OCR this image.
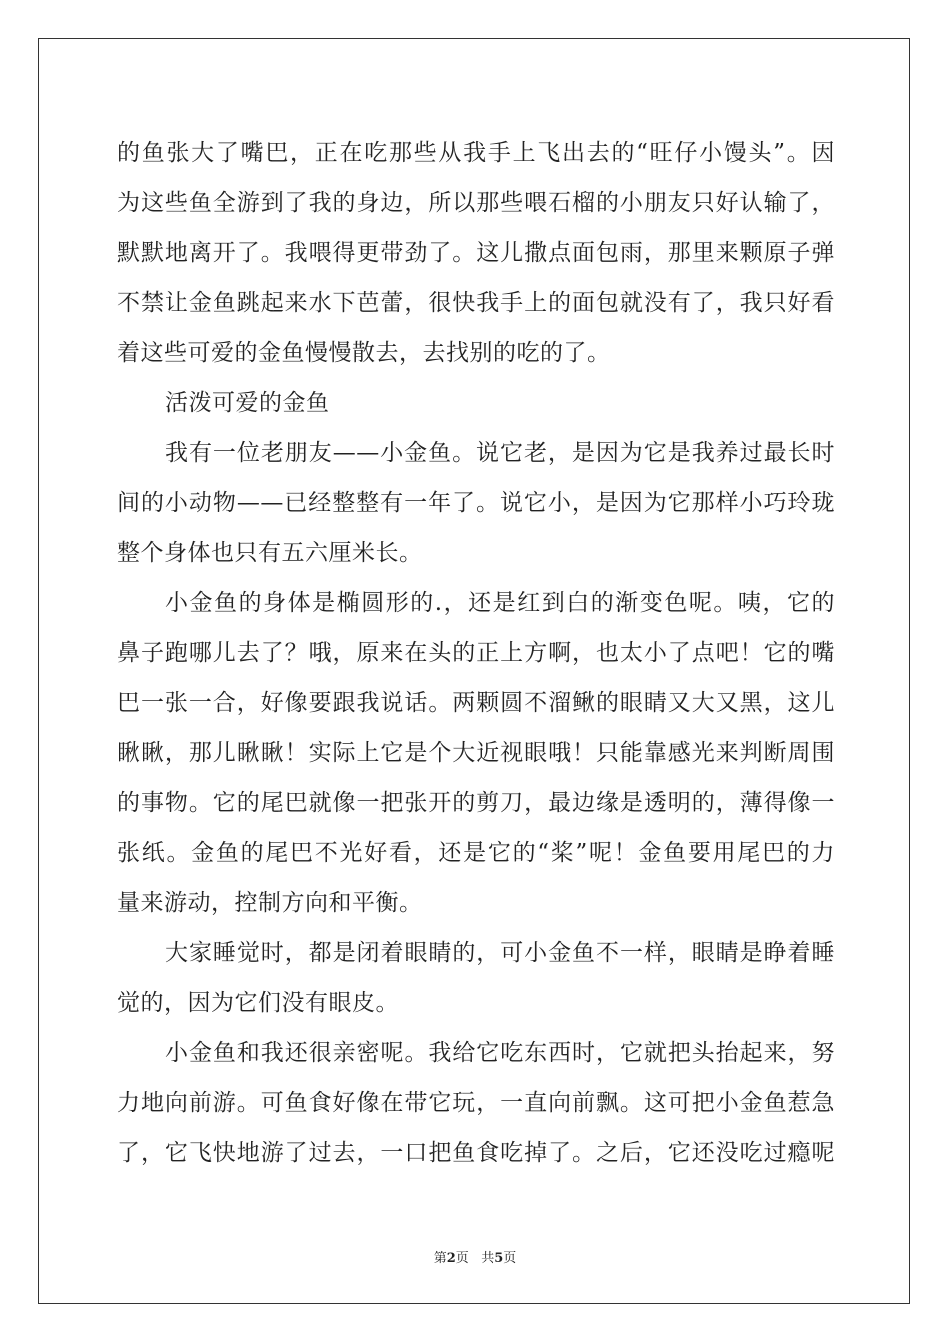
的鱼张大了嘴巴，正在吃那些从我手上飞出去的“旺仔小馒头”。因
为这些鱼全游到了我的身边，所以那些喂石榴的小朋友只好认输了，
默默地离开了。我喂得更带劲了。这儿撒点面包雨，那里来颗原子弹
不禁让金鱼跳起来水下芭蕾，很快我手上的面包就没有了，我只好看
着这些可爱的金鱼慢慢散去，去找别的吃的了。
活泼可爱的金鱼
我有一位老朋友——小金鱼。说它老，是因为它是我养过最长时
间的小动物——已经整整有一年了。说它小，是因为它那样小巧玲珑
整个身体也只有五六厘米长。
小金鱼的身体是椭圆形的.，还是红到白的渐变色呢。咦，它的
鼻子跑哪儿去了？哦，原来在头的正上方啊，也太小了点吧！它的嘴
巴一张一合，好像要跟我说话。两颗圆不溜鳅的眼睛又大又黑，这儿
瞅瞅，那儿瞅瞅！实际上它是个大近视眼哦！只能靠感光来判断周围
的事物。它的尾巴就像一把张开的剪刀，最边缘是透明的，薄得像一
张纸。金鱼的尾巴不光好看，还是它的“桨”呢！金鱼要用尾巴的力
量来游动，控制方向和平衡。
大家睡觉时，都是闭着眼睛的，可小金鱼不一样，眼睛是睁着睡
觉的，因为它们没有眼皮。
小金鱼和我还很亲密呢。我给它吃东西时，它就把头抬起来，努
力地向前游。可鱼食好像在带它玩，一直向前飘。这可把小金鱼惹急
了，它飞快地游了过去，一口把鱼食吃掉了。之后，它还没吃过瘾呢
第2页 共5页
